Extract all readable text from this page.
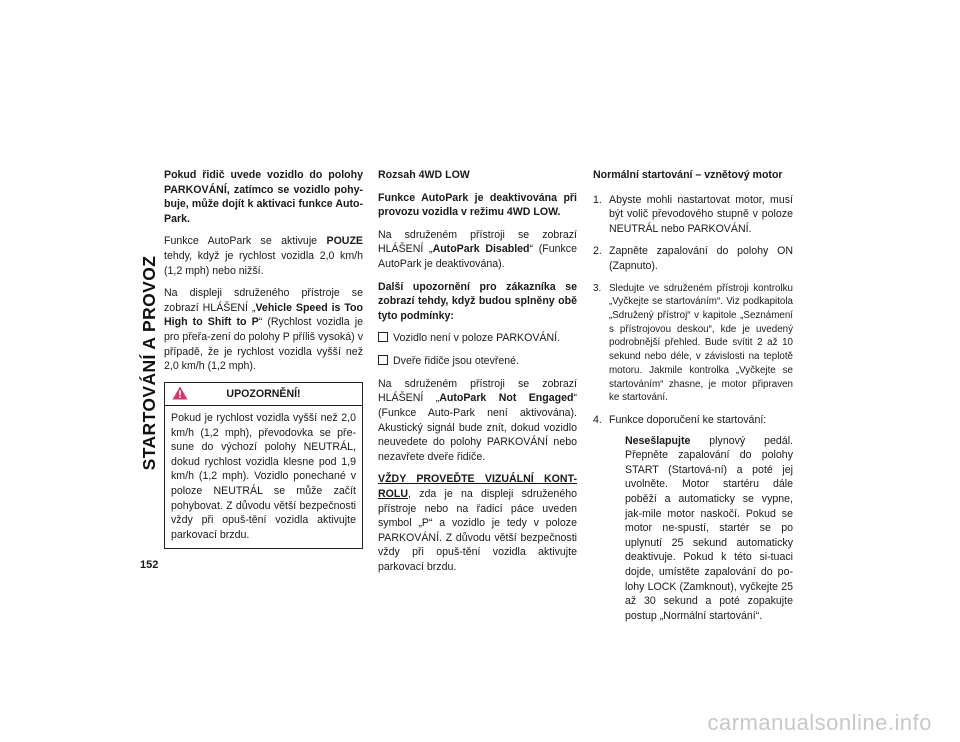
STARTOVÁNÍ A PROVOZ
152

Pokud řidič uvede vozidlo do polohy PARKOVÁNÍ, zatímco se vozidlo pohy-buje, může dojít k aktivaci funkce Auto-Park.

Funkce AutoPark se aktivuje POUZE tehdy, když je rychlost vozidla 2,0 km/h (1,2 mph) nebo nižší.

Na displeji sdruženého přístroje se zobrazí HLÁŠENÍ „Vehicle Speed is Too High to Shift to P“ (Rychlost vozidla je pro přeřa-zení do polohy P příliš vysoká) v případě, že je rychlost vozidla vyšší než 2,0 km/h (1,2 mph).

UPOZORNĚNÍ!

Pokud je rychlost vozidla vyšší než 2,0 km/h (1,2 mph), převodovka se pře-sune do výchozí polohy NEUTRÁL, dokud rychlost vozidla klesne pod 1,9 km/h (1,2 mph). Vozidlo ponechané v poloze NEUTRÁL se může začít pohybovat. Z důvodu větší bezpečnosti vždy při opuš-tění vozidla aktivujte parkovací brzdu.

Rozsah 4WD LOW

Funkce AutoPark je deaktivována při provozu vozidla v režimu 4WD LOW.

Na sdruženém přístroji se zobrazí HLÁŠENÍ „AutoPark Disabled“ (Funkce AutoPark je deaktivována).

Další upozornění pro zákazníka se zobrazí tehdy, když budou splněny obě tyto podmínky:

Vozidlo není v poloze PARKOVÁNÍ.
Dveře řidiče jsou otevřené.

Na sdruženém přístroji se zobrazí HLÁŠENÍ „AutoPark Not Engaged“ (Funkce Auto-Park není aktivována). Akustický signál bude znít, dokud vozidlo neuvedete do polohy PARKOVÁNÍ nebo nezavřete dveře řidiče.

VŽDY PROVEĎTE VIZUÁLNÍ KONT-ROLU, zda je na displeji sdruženého přístroje nebo na řadicí páce uveden symbol „P“ a vozidlo je tedy v poloze PARKOVÁNÍ. Z důvodu větší bezpečnosti vždy při opuš-tění vozidla aktivujte parkovací brzdu.

Normální startování – vznětový motor
1. Abyste mohli nastartovat motor, musí být volič převodového stupně v poloze NEUTRÁL nebo PARKOVÁNÍ.
2. Zapněte zapalování do polohy ON (Zapnuto).
3. Sledujte ve sdruženém přístroji kontrolku „Vyčkejte se startováním“. Viz podkapitola „Sdružený přístroj“ v kapitole „Seznámení s přístrojovou deskou“, kde je uvedený podrobnější přehled. Bude svítit 2 až 10 sekund nebo déle, v závislosti na teplotě motoru. Jakmile kontrolka „Vyčkejte se startováním“ zhasne, je motor připraven ke startování.
4. Funkce doporučení ke startování:
Nesešlapujte plynový pedál. Přepněte zapalování do polohy START (Startová-ní) a poté jej uvolněte. Motor startéru dále poběží a automaticky se vypne, jak-mile motor naskočí. Pokud se motor ne-spustí, startér se po uplynutí 25 sekund automaticky deaktivuje. Pokud k této si-tuaci dojde, umístěte zapalování do po-lohy LOCK (Zamknout), vyčkejte 25 až 30 sekund a poté zopakujte postup „Normální startování“.
carmanualsonline.info
